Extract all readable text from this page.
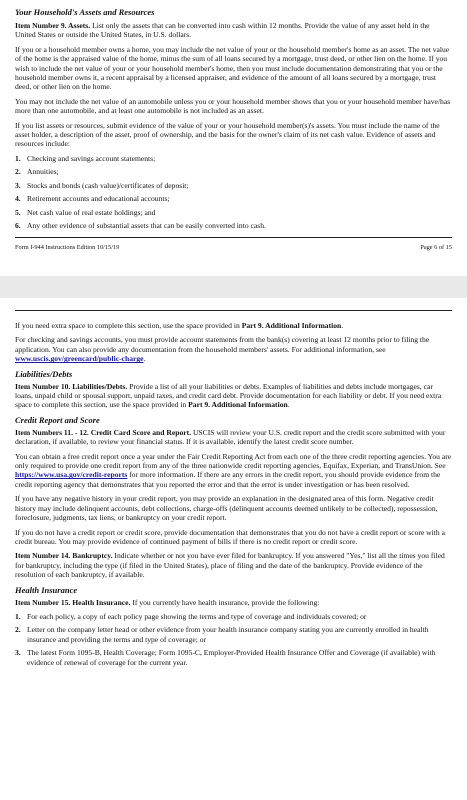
Your Household's Assets and Resources

Item Number 9. Assets. List only the assets that can be converted into cash within 12 months. Provide the value of any asset held in the United States or outside the United States, in U.S. dollars.

If you or a household member owns a home, you may include the net value of your or the household member's home as an asset. The net value of the home is the appraised value of the home, minus the sum of all loans secured by a mortgage, trust deed, or other lien on the home. If you wish to include the net value of your or your household member's home, then you must include documentation demonstrating that you or the household member owns it, a recent appraisal by a licensed appraiser, and evidence of the amount of all loans secured by a mortgage, trust deed, or other lien on the home.

You may not include the net value of an automobile unless you or your household member shows that you or your household member have/has more than one automobile, and at least one automobile is not included as an asset.

If you list assets or resources, submit evidence of the value of your or your household member(s)'s assets. You must include the name of the asset holder, a description of the asset, proof of ownership, and the basis for the owner's claim of its net cash value. Evidence of assets and resources include:

1. Checking and savings account statements;
2. Annuities;
3. Stocks and bonds (cash value)/certificates of deposit;
4. Retirement accounts and educational accounts;
5. Net cash value of real estate holdings; and
6. Any other evidence of substantial assets that can be easily converted into cash.
Form I-944 Instructions Edition 10/15/19	Page 6 of 15

If you need extra space to complete this section, use the space provided in Part 9. Additional Information.

For checking and savings accounts, you must provide account statements from the bank(s) covering at least 12 months prior to filing the application. You can also provide any documentation from the household members' assets. For additional information, see www.uscis.gov/greencard/public-charge.

Liabilities/Debts

Item Number 10. Liabilities/Debts. Provide a list of all your liabilities or debts. Examples of liabilities and debts include mortgages, car loans, unpaid child or spousal support, unpaid taxes, and credit card debt. Provide documentation for each liability or debt. If you need extra space to complete this section, use the space provided in Part 9. Additional Information.

Credit Report and Score

Item Numbers 11. - 12. Credit Card Score and Report. USCIS will review your U.S. credit report and the credit score submitted with your declaration, if available, to review your financial status. If it is available, identify the latest credit score number.

You can obtain a free credit report once a year under the Fair Credit Reporting Act from each one of the three credit reporting agencies. You are only required to provide one credit report from any of the three nationwide credit reporting agencies, Equifax, Experian, and TransUnion. See https://www.usa.gov/credit-reports for more information. If there are any errors in the credit report, you should provide evidence from the credit reporting agency that demonstrates that you reported the error and that the error is under investigation or has been resolved.

If you have any negative history in your credit report, you may provide an explanation in the designated area of this form. Negative credit history may include delinquent accounts, debt collections, charge-offs (delinquent accounts deemed unlikely to be collected), repossession, foreclosure, judgments, tax liens, or bankruptcy on your credit report.

If you do not have a credit report or credit score, provide documentation that demonstrates that you do not have a credit report or score with a credit bureau. You may provide evidence of continued payment of bills if there is no credit report or credit score.

Item Number 14. Bankruptcy. Indicate whether or not you have ever filed for bankruptcy. If you answered "Yes," list all the times you filed for bankruptcy, including the type (if filed in the United States), place of filing and the date of the bankruptcy. Provide evidence of the resolution of each bankruptcy, if available.

Health Insurance

Item Number 15. Health Insurance. If you currently have health insurance, provide the following:

1. For each policy, a copy of each policy page showing the terms and type of coverage and individuals covered; or
2. Letter on the company letter head or other evidence from your health insurance company stating you are currently enrolled in health insurance and providing the terms and type of coverage; or
3. The latest Form 1095-B, Health Coverage; Form 1095-C, Employer-Provided Health Insurance Offer and Coverage (if available) with evidence of renewal of coverage for the current year.
